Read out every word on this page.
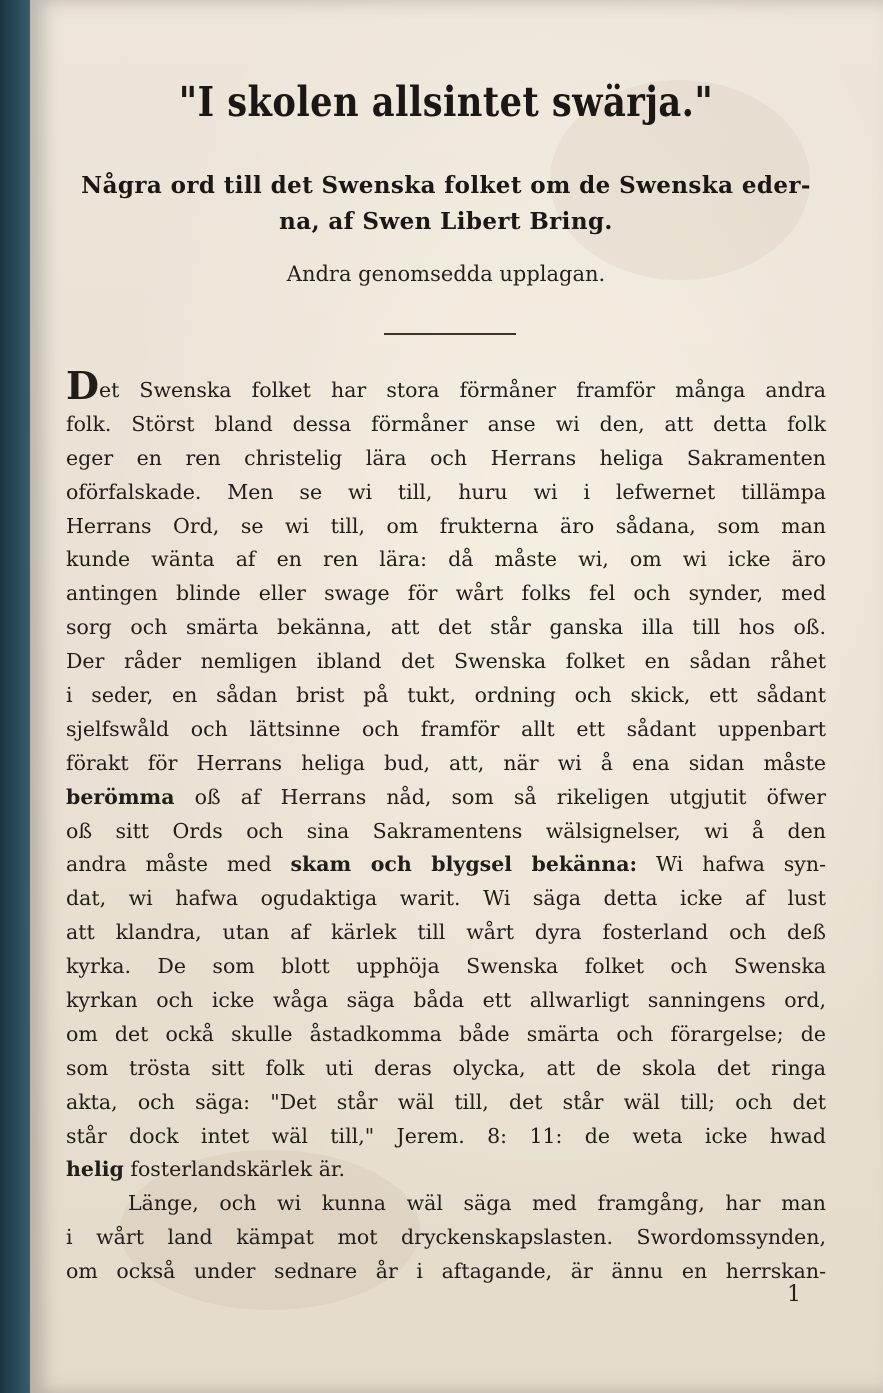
"I skolen allsintet swärja."
Några ord till det Swenska folket om de Swenska eder-
na, af Swen Libert Bring.
Andra genomsedda upplagan.
Det Swenska folket har stora förmåner framför många andra
folk. Störst bland dessa förmåner anse wi den, att detta folk
eger en ren christelig lära och Herrans heliga Sakramenten
oförfalskade. Men se wi till, huru wi i lefwernet tillämpa
Herrans Ord, se wi till, om frukterna äro sådana, som man
kunde wänta af en ren lära: då måste wi, om wi icke äro
antingen blinde eller swage för wårt folks fel och synder, med
sorg och smärta bekänna, att det står ganska illa till hos oß.
Der råder nemligen ibland det Swenska folket en sådan råhet
i seder, en sådan brist på tukt, ordning och skick, ett sådant
sjelfswåld och lättsinne och framför allt ett sådant uppenbart
förakt för Herrans heliga bud, att, när wi å ena sidan måste
berömma oß af Herrans nåd, som så rikeligen utgjutit öfwer
oß sitt Ords och sina Sakramentens wälsignelser, wi å den
andra måste med skam och blygsel bekänna: Wi hafwa syn-
dat, wi hafwa ogudaktiga warit. Wi säga detta icke af lust
att klandra, utan af kärlek till wårt dyra fosterland och deß
kyrka. De som blott upphöja Swenska folket och Swenska
kyrkan och icke wåga säga båda ett allwarligt sanningens ord,
om det ockå skulle åstadkomma både smärta och förargelse; de
som trösta sitt folk uti deras olycka, att de skola det ringa
akta, och säga: "Det står wäl till, det står wäl till; och det
står dock intet wäl till," Jerem. 8: 11: de weta icke hwad
helig fosterlandskärlek är.
Länge, och wi kunna wäl säga med framgång, har man
i wårt land kämpat mot dryckenskapslasten. Swordomssynden,
om också under sednare år i aftagande, är ännu en herrskan-
1
